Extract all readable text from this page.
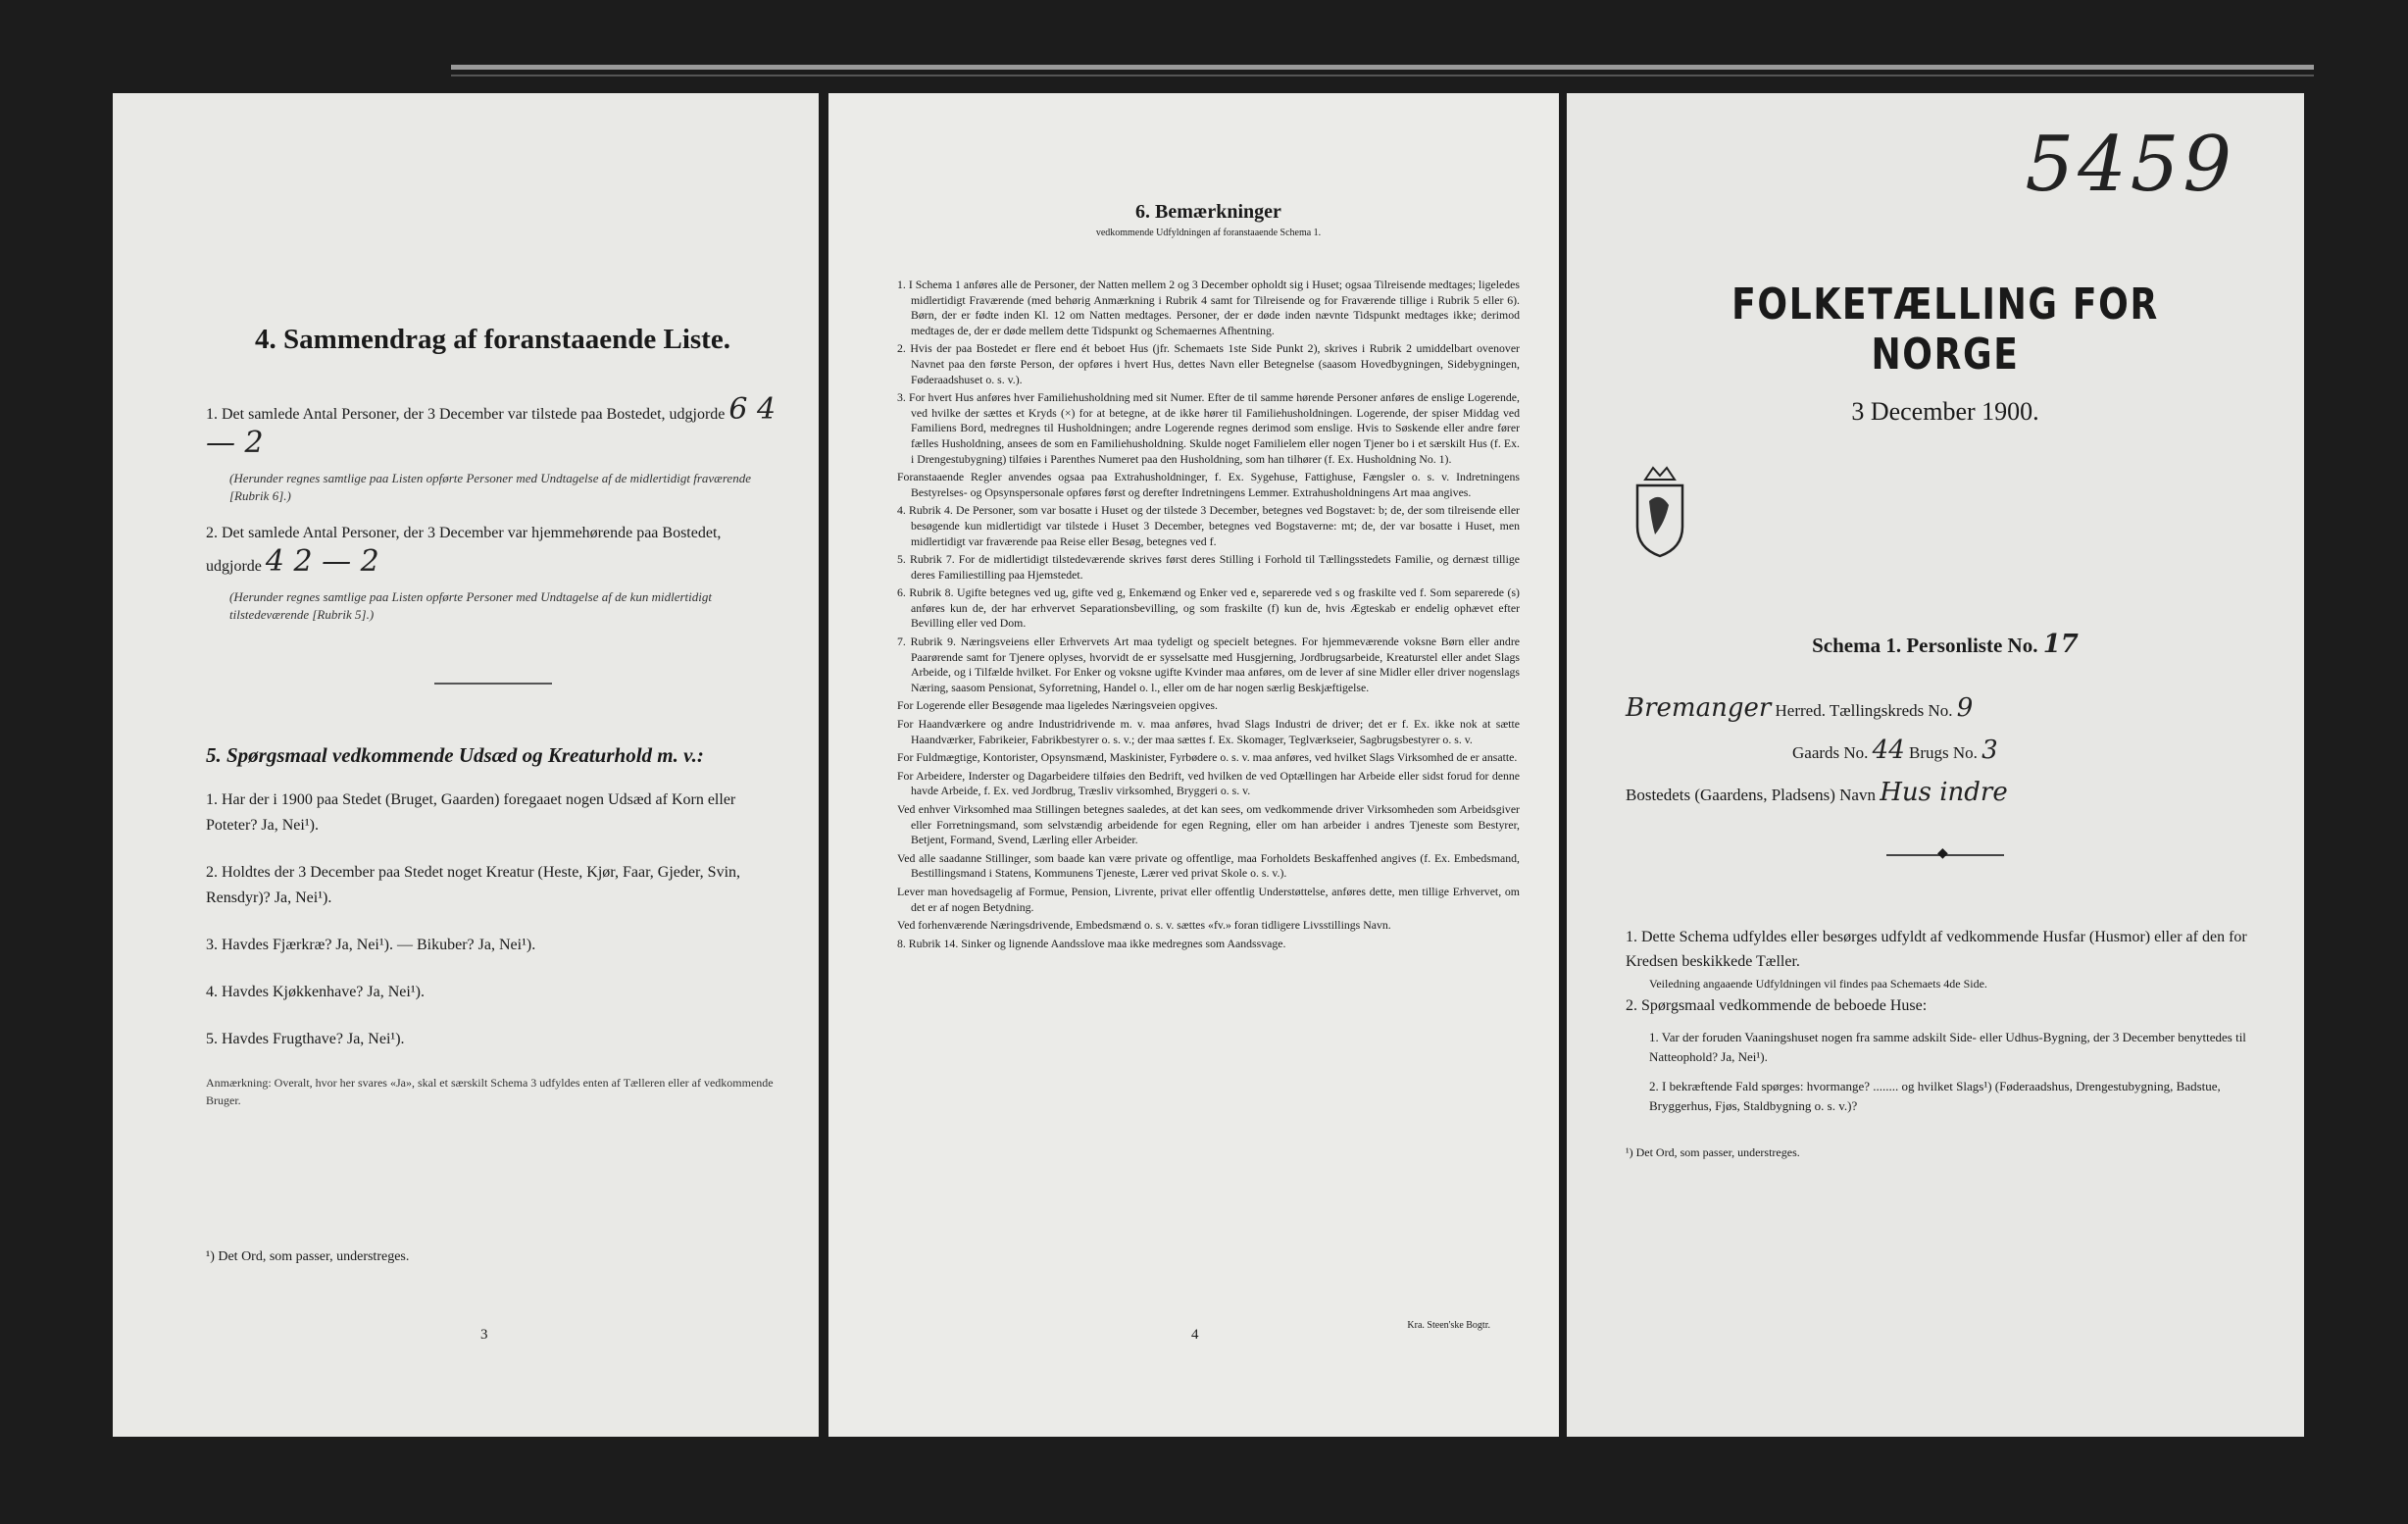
4. Sammendrag af foranstaaende Liste.
1. Det samlede Antal Personer, der 3 December var tilstede paa Bostedet, udgjorde 6 4 — 2
(Herunder regnes samtlige paa Listen opførte Personer med Undtagelse af de midlertidigt fraværende [Rubrik 6].)
2. Det samlede Antal Personer, der 3 December var hjemmehørende paa Bostedet, udgjorde 4 2 — 2
(Herunder regnes samtlige paa Listen opførte Personer med Undtagelse af de kun midlertidigt tilstedeværende [Rubrik 5].)
5. Spørgsmaal vedkommende Udsæd og Kreaturhold m. v.:
1. Har der i 1900 paa Stedet (Bruget, Gaarden) foregaaet nogen Udsæd af Korn eller Poteter? Ja, Nei¹).
2. Holdtes der 3 December paa Stedet noget Kreatur (Heste, Kjør, Faar, Gjeder, Svin, Rensdyr)? Ja, Nei¹).
3. Havdes Fjærkræ? Ja, Nei¹). — Bikuber? Ja, Nei¹).
4. Havdes Kjøkkenhave? Ja, Nei¹).
5. Havdes Frugthave? Ja, Nei¹).
Anmærkning: Overalt, hvor her svares «Ja», skal et særskilt Schema 3 udfyldes enten af Tælleren eller af vedkommende Bruger.
¹) Det Ord, som passer, understreges.
3
6. Bemærkninger
vedkommende Udfyldningen af foranstaaende Schema 1.
1. I Schema 1 anføres alle de Personer, der Natten mellem 2 og 3 December opholdt sig i Huset; ogsaa Tilreisende medtages; ligeledes midlertidigt Fraværende (med behørig Anmærkning i Rubrik 4 samt for Tilreisende og for Fraværende tillige i Rubrik 5 eller 6). Børn, der er fødte inden Kl. 12 om Natten medtages. Personer, der er døde inden nævnte Tidspunkt medtages ikke; derimod medtages de, der er døde mellem dette Tidspunkt og Schemaernes Afhentning.
2. Hvis der paa Bostedet er flere end ét beboet Hus (jfr. Schemaets 1ste Side Punkt 2), skrives i Rubrik 2 umiddelbart ovenover Navnet paa den første Person, der opføres i hvert Hus, dettes Navn eller Betegnelse (saasom Hovedbygningen, Sidebygningen, Føderaadshuset o. s. v.).
3. For hvert Hus anføres hver Familiehusholdning med sit Numer. Efter de til samme hørende Personer anføres de enslige Logerende, ved hvilke der sættes et Kryds (×) for at betegne, at de ikke hører til Familiehusholdningen. Logerende, der spiser Middag ved Familiens Bord, medregnes til Husholdningen; andre Logerende regnes derimod som enslige. Hvis to Søskende eller andre fører fælles Husholdning, ansees de som en Familiehusholdning. Skulde noget Familielem eller nogen Tjener bo i et særskilt Hus (f. Ex. i Drengestubygning) tilføies i Parenthes Numeret paa den Husholdning, som han tilhører (f. Ex. Husholdning No. 1).
Foranstaaende Regler anvendes ogsaa paa Extrahusholdninger, f. Ex. Sygehuse, Fattighuse, Fængsler o. s. v. Indretningens Bestyrelses- og Opsynspersonale opføres først og derefter Indretningens Lemmer. Extrahusholdningens Art maa angives.
4. Rubrik 4. De Personer, som var bosatte i Huset og der tilstede 3 December, betegnes ved Bogstavet: b; de, der som tilreisende eller besøgende kun midlertidigt var tilstede i Huset 3 December, betegnes ved Bogstaverne: mt; de, der var bosatte i Huset, men midlertidigt var fraværende paa Reise eller Besøg, betegnes ved f.
5. Rubrik 7. For de midlertidigt tilstedeværende skrives først deres Stilling i Forhold til Tællingsstedets Familie, og dernæst tillige deres Familiestilling paa Hjemstedet.
6. Rubrik 8. Ugifte betegnes ved ug, gifte ved g, Enkemænd og Enker ved e, separerede ved s og fraskilte ved f. Som separerede (s) anføres kun de, der har erhvervet Separationsbevilling, og som fraskilte (f) kun de, hvis Ægteskab er endelig ophævet efter Bevilling eller ved Dom.
7. Rubrik 9. Næringsveiens eller Erhvervets Art maa tydeligt og specielt betegnes. For hjemmeværende voksne Børn eller andre Paarørende samt for Tjenere oplyses, hvorvidt de er sysselsatte med Husgjerning, Jordbrugsarbeide, Kreaturstel eller andet Slags Arbeide, og i Tilfælde hvilket. For Enker og voksne ugifte Kvinder maa anføres, om de lever af sine Midler eller driver nogenslags Næring, saasom Pensionat, Syforretning, Handel o. l., eller om de har nogen særlig Beskjæftigelse.
For Logerende eller Besøgende maa ligeledes Næringsveien opgives.
For Haandværkere og andre Industridrivende m. v. maa anføres, hvad Slags Industri de driver; det er f. Ex. ikke nok at sætte Haandværker, Fabrikeier, Fabrikbestyrer o. s. v.; der maa sættes f. Ex. Skomager, Teglværkseier, Sagbrugsbestyrer o. s. v.
For Fuldmægtige, Kontorister, Opsynsmænd, Maskinister, Fyrbødere o. s. v. maa anføres, ved hvilket Slags Virksomhed de er ansatte.
For Arbeidere, Inderster og Dagarbeidere tilføies den Bedrift, ved hvilken de ved Optællingen har Arbeide eller sidst forud for denne havde Arbeide, f. Ex. ved Jordbrug, Træsliv virksomhed, Bryggeri o. s. v.
Ved enhver Virksomhed maa Stillingen betegnes saaledes, at det kan sees, om vedkommende driver Virksomheden som Arbeidsgiver eller Forretningsmand, som selvstændig arbeidende for egen Regning, eller om han arbeider i andres Tjeneste som Bestyrer, Betjent, Formand, Svend, Lærling eller Arbeider.
Ved alle saadanne Stillinger, som baade kan være private og offentlige, maa Forholdets Beskaffenhed angives (f. Ex. Embedsmand, Bestillingsmand i Statens, Kommunens Tjeneste, Lærer ved privat Skole o. s. v.).
Lever man hovedsagelig af Formue, Pension, Livrente, privat eller offentlig Understøttelse, anføres dette, men tillige Erhvervet, om det er af nogen Betydning.
Ved forhenværende Næringsdrivende, Embedsmænd o. s. v. sættes «fv.» foran tidligere Livsstillings Navn.
8. Rubrik 14. Sinker og lignende Aandsslove maa ikke medregnes som Aandssvage.
4
Kra. Steen'ske Bogtr.
5459
FOLKETÆLLING FOR NORGE
3 December 1900.
Schema 1. Personliste No. 17
Bremanger Herred. Tællingskreds No. 9
Gaards No. 44 Brugs No. 3
Bostedets (Gaardens, Pladsens) Navn Hus indre
◆
1. Dette Schema udfyldes eller besørges udfyldt af vedkommende Husfar (Husmor) eller af den for Kredsen beskikkede Tæller.
Veiledning angaaende Udfyldningen vil findes paa Schemaets 4de Side.
2. Spørgsmaal vedkommende de beboede Huse:
1. Var der foruden Vaaningshuset nogen fra samme adskilt Side- eller Udhus-Bygning, der 3 December benyttedes til Natteophold? Ja, Nei¹).
2. I bekræftende Fald spørges: hvormange? ........ og hvilket Slags¹) (Føderaadshus, Drengestubygning, Badstue, Bryggerhus, Fjøs, Staldbygning o. s. v.)?
¹) Det Ord, som passer, understreges.
